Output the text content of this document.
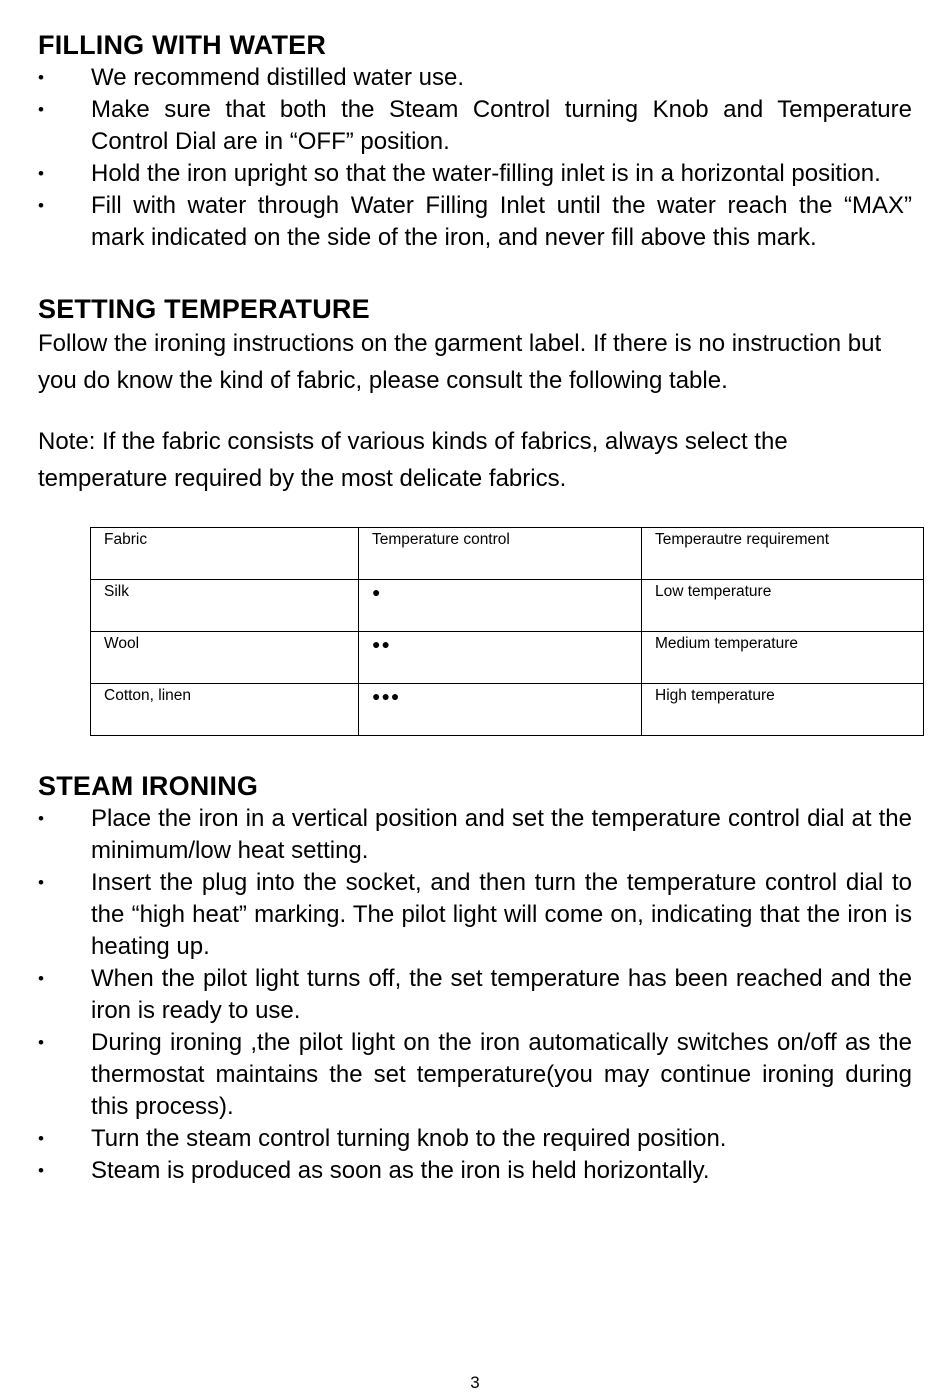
FILLING WITH WATER
•	We recommend distilled water use.
•	Make sure that both the Steam Control turning Knob and Temperature Control Dial are in “OFF” position.
•	Hold the iron upright so that the water-filling inlet is in a horizontal position.
•	Fill with water through Water Filling Inlet until the water reach the “MAX” mark indicated on the side of the iron, and never fill above this mark.
SETTING TEMPERATURE

Follow the ironing instructions on the garment label. If there is no instruction but you do know the kind of fabric, please consult the following table.

Note: If the fabric consists of various kinds of fabrics, always select the temperature required by the most delicate fabrics.

Fabric	Temperature control	Temperautre requirement
Silk	●	Low temperature
Wool	●●	Medium temperature
Cotton, linen	●●●	High temperature
STEAM IRONING
•	Place the iron in a vertical position and set the temperature control dial at the minimum/low heat setting.
•	Insert the plug into the socket, and then turn the temperature control dial to the “high heat” marking. The pilot light will come on, indicating that the iron is heating up.
•	When the pilot light turns off, the set temperature has been reached and the iron is ready to use.
•	During ironing ,the pilot light on the iron automatically switches on/off as the thermostat maintains the set temperature(you may continue ironing during this process).
•	Turn the steam control turning knob to the required position.
•	Steam is produced as soon as the iron is held horizontally.
3
